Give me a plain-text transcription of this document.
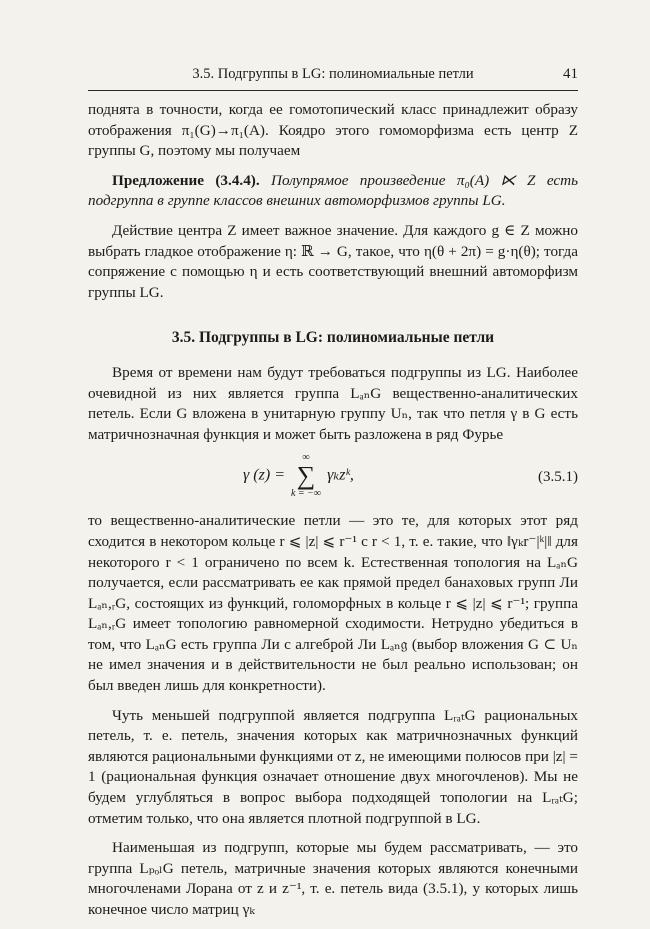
3.5. Подгруппы в LG: полиномиальные петли	41

поднята в точности, когда ее гомотопический класс принадлежит образу отображения π₁(G)→π₁(A). Коядро этого гомоморфизма есть центр Z группы G, поэтому мы получаем

Предложение (3.4.4). Полупрямое произведение π₀(A) ⋉ Z есть подгруппа в группе классов внешних автоморфизмов группы LG.

Действие центра Z имеет важное значение. Для каждого g ∈ Z можно выбрать гладкое отображение η: ℝ → G, такое, что η(θ + 2π) = g·η(θ); тогда сопряжение с помощью η и есть соответствующий внешний автоморфизм группы LG.

3.5. Подгруппы в LG: полиномиальные петли

Время от времени нам будут требоваться подгруппы из LG. Наиболее очевидной из них является группа LₐₙG вещественно-аналитических петель. Если G вложена в унитарную группу Uₙ, так что петля γ в G есть матричнозначная функция и может быть разложена в ряд Фурье

γ (z) =
∞
∑
k = −∞
γₖzᵏ,	(3.5.1)

то вещественно-аналитические петли — это те, для которых этот ряд сходится в некотором кольце r ⩽ |z| ⩽ r⁻¹ с r < 1, т. е. такие, что ‖γₖr⁻|ᵏ|‖ для некоторого r < 1 ограничено по всем k. Естественная топология на LₐₙG получается, если рассматривать ее как прямой предел банаховых групп Ли Lₐₙ,ᵣG, состоящих из функций, голоморфных в кольце r ⩽ |z| ⩽ r⁻¹; группа Lₐₙ,ᵣG имеет топологию равномерной сходимости. Нетрудно убедиться в том, что LₐₙG есть группа Ли с алгеброй Ли Lₐₙ𝔤 (выбор вложения G ⊂ Uₙ не имел значения и в действительности не был реально использован; он был введен лишь для конкретности).

Чуть меньшей подгруппой является подгруппа LᵣₐₜG рациональных петель, т. е. петель, значения которых как матричнозначных функций являются рациональными функциями от z, не имеющими полюсов при |z| = 1 (рациональная функция означает отношение двух многочленов). Мы не будем углубляться в вопрос выбора подходящей топологии на LᵣₐₜG; отметим только, что она является плотной подгруппой в LG.

Наименьшая из подгрупп, которые мы будем рассматривать, — это группа LₚₒₗG петель, матричные значения которых являются конечными многочленами Лорана от z и z⁻¹, т. е. петель вида (3.5.1), у которых лишь конечное число матриц γₖ
